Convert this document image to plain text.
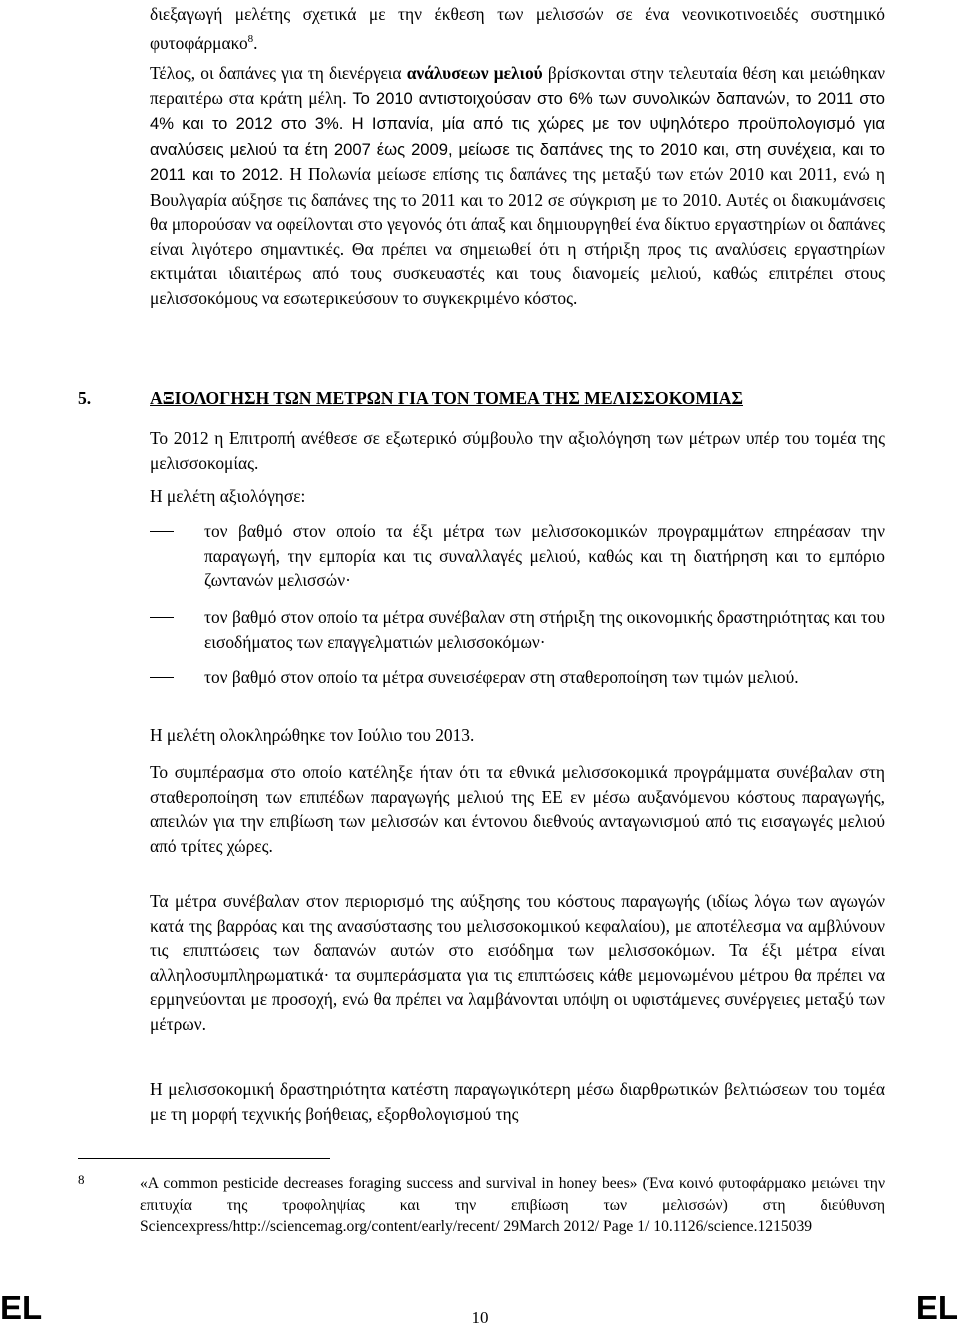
διεξαγωγή μελέτης σχετικά με την έκθεση των μελισσών σε ένα νεονικοτινοειδές συστημικό φυτοφάρμακο$^8$.

Τέλος, οι δαπάνες για τη διενέργεια ανάλυσεων μελιού βρίσκονται στην τελευταία θέση και μειώθηκαν περαιτέρω στα κράτη μέλη. Το 2010 αντιστοιχούσαν στο 6% των συνολικών δαπανών, το 2011 στο 4% και το 2012 στο 3%. Η Ισπανία, μία από τις χώρες με τον υψηλότερο προϋπολογισμό για αναλύσεις μελιού τα έτη 2007 έως 2009, μείωσε τις δαπάνες της το 2010 και, στη συνέχεια, και το 2011 και το 2012. Η Πολωνία μείωσε επίσης τις δαπάνες της μεταξύ των ετών 2010 και 2011, ενώ η Βουλγαρία αύξησε τις δαπάνες της το 2011 και το 2012 σε σύγκριση με το 2010. Αυτές οι διακυμάνσεις θα μπορούσαν να οφείλονται στο γεγονός ότι άπαξ και δημιουργηθεί ένα δίκτυο εργαστηρίων οι δαπάνες είναι λιγότερο σημαντικές. Θα πρέπει να σημειωθεί ότι η στήριξη προς τις αναλύσεις εργαστηρίων εκτιμάται ιδιαιτέρως από τους συσκευαστές και τους διανομείς μελιού, καθώς επιτρέπει στους μελισσοκόμους να εσωτερικεύσουν το συγκεκριμένο κόστος.

5.	ΑΞΙΟΛΟΓΗΣΗ ΤΩΝ ΜΕΤΡΩΝ ΓΙΑ ΤΟΝ ΤΟΜΕΑ ΤΗΣ ΜΕΛΙΣΣΟΚΟΜΙΑΣ

Το 2012 η Επιτροπή ανέθεσε σε εξωτερικό σύμβουλο την αξιολόγηση των μέτρων υπέρ του τομέα της μελισσοκομίας.

Η μελέτη αξιολόγησε:

τον βαθμό στον οποίο τα έξι μέτρα των μελισσοκομικών προγραμμάτων επηρέασαν την παραγωγή, την εμπορία και τις συναλλαγές μελιού, καθώς και τη διατήρηση και το εμπόριο ζωντανών μελισσών·

τον βαθμό στον οποίο τα μέτρα συνέβαλαν στη στήριξη της οικονομικής δραστηριότητας και του εισοδήματος των επαγγελματιών μελισσοκόμων·

τον βαθμό στον οποίο τα μέτρα συνεισέφεραν στη σταθεροποίηση των τιμών μελιού.

Η μελέτη ολοκληρώθηκε τον Ιούλιο του 2013.

Το συμπέρασμα στο οποίο κατέληξε ήταν ότι τα εθνικά μελισσοκομικά προγράμματα συνέβαλαν στη σταθεροποίηση των επιπέδων παραγωγής μελιού της ΕΕ εν μέσω αυξανόμενου κόστους παραγωγής, απειλών για την επιβίωση των μελισσών και έντονου διεθνούς ανταγωνισμού από τις εισαγωγές μελιού από τρίτες χώρες.

Τα μέτρα συνέβαλαν στον περιορισμό της αύξησης του κόστους παραγωγής (ιδίως λόγω των αγωγών κατά της βαρρόας και της ανασύστασης του μελισσοκομικού κεφαλαίου), με αποτέλεσμα να αμβλύνουν τις επιπτώσεις των δαπανών αυτών στο εισόδημα των μελισσοκόμων. Τα έξι μέτρα είναι αλληλοσυμπληρωματικά· τα συμπεράσματα για τις επιπτώσεις κάθε μεμονωμένου μέτρου θα πρέπει να ερμηνεύονται με προσοχή, ενώ θα πρέπει να λαμβάνονται υπόψη οι υφιστάμενες συνέργειες μεταξύ των μέτρων.

Η μελισσοκομική δραστηριότητα κατέστη παραγωγικότερη μέσω διαρθρωτικών βελτιώσεων του τομέα με τη μορφή τεχνικής βοήθειας, εξορθολογισμού της

8	«A common pesticide decreases foraging success and survival in honey bees» (Ένα κοινό φυτοφάρμακο μειώνει την επιτυχία της τροφοληψίας και την επιβίωση των μελισσών) στη διεύθυνση Sciencexpress/http://sciencemag.org/content/early/recent/ 29March 2012/ Page 1/ 10.1126/science.1215039

EL	10	EL
